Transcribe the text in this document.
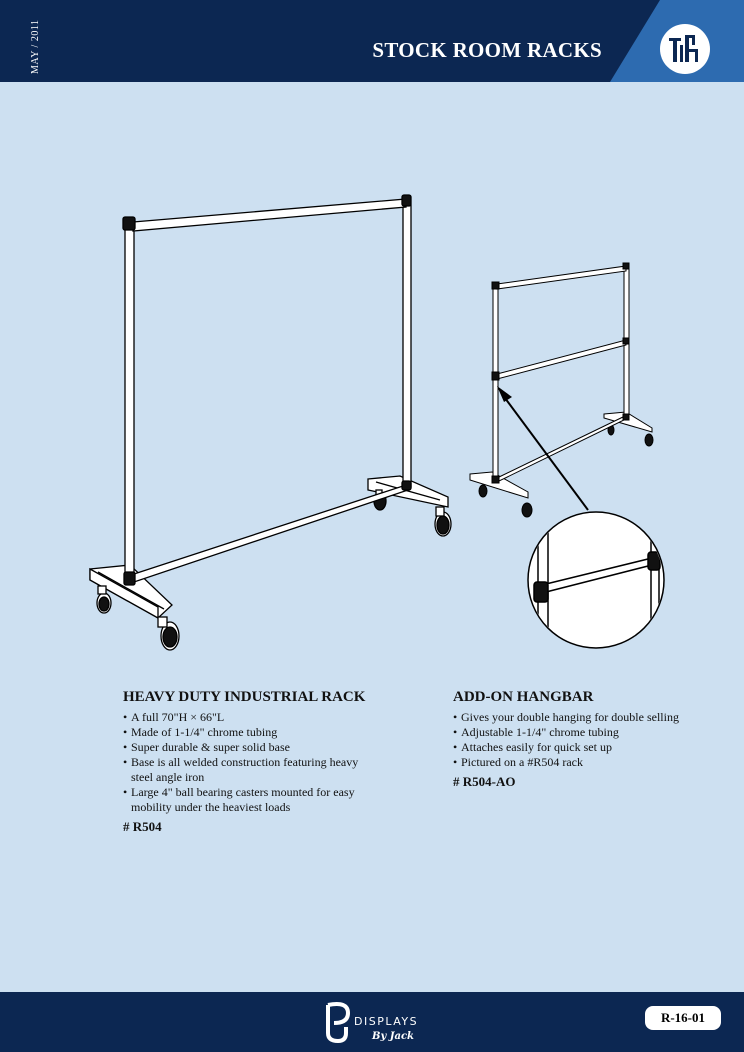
MAY / 2011	STOCK ROOM RACKS
HEAVY DUTY INDUSTRIAL RACK
• A full 70"H × 66"L
• Made of 1-1/4" chrome tubing
• Super durable & super solid base
• Base is all welded construction featuring heavy steel angle iron
• Large 4" ball bearing casters mounted for easy mobility under the heaviest loads
# R504
ADD-ON HANGBAR
• Gives your double hanging for double selling
• Adjustable 1-1/4" chrome tubing
• Attaches easily for quick set up
• Pictured on a #R504 rack
# R504-AO
DISPLAYS
By Jack
R-16-01
